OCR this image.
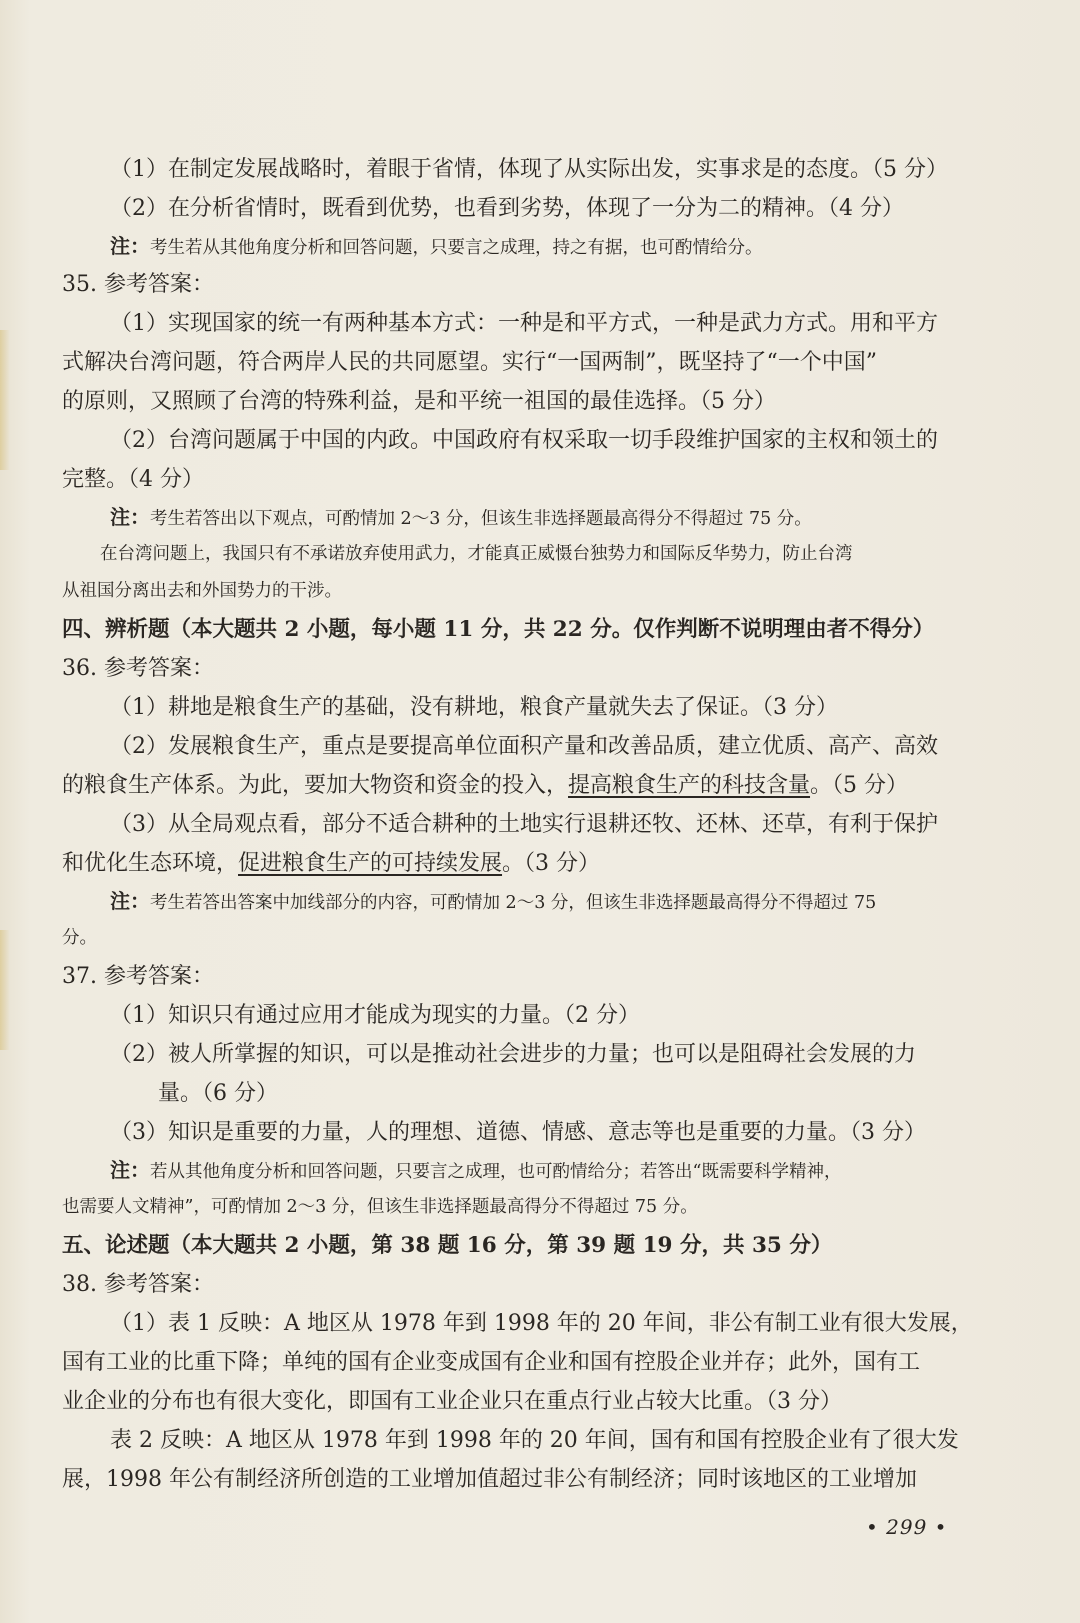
（1）在制定发展战略时，着眼于省情，体现了从实际出发，实事求是的态度。（5 分）
（2）在分析省情时，既看到优势，也看到劣势，体现了一分为二的精神。（4 分）
注：考生若从其他角度分析和回答问题，只要言之成理，持之有据，也可酌情给分。
35. 参考答案：
（1）实现国家的统一有两种基本方式：一种是和平方式，一种是武力方式。用和平方
式解决台湾问题，符合两岸人民的共同愿望。实行“一国两制”，既坚持了“一个中国”
的原则，又照顾了台湾的特殊利益，是和平统一祖国的最佳选择。（5 分）
（2）台湾问题属于中国的内政。中国政府有权采取一切手段维护国家的主权和领土的
完整。（4 分）
注：考生若答出以下观点，可酌情加 2～3 分，但该生非选择题最高得分不得超过 75 分。
在台湾问题上，我国只有不承诺放弃使用武力，才能真正威慑台独势力和国际反华势力，防止台湾
从祖国分离出去和外国势力的干涉。
四、辨析题（本大题共 2 小题，每小题 11 分，共 22 分。仅作判断不说明理由者不得分）
36. 参考答案：
（1）耕地是粮食生产的基础，没有耕地，粮食产量就失去了保证。（3 分）
（2）发展粮食生产，重点是要提高单位面积产量和改善品质，建立优质、高产、高效
的粮食生产体系。为此，要加大物资和资金的投入，提高粮食生产的科技含量。（5 分）
（3）从全局观点看，部分不适合耕种的土地实行退耕还牧、还林、还草，有利于保护
和优化生态环境，促进粮食生产的可持续发展。（3 分）
注：考生若答出答案中加线部分的内容，可酌情加 2～3 分，但该生非选择题最高得分不得超过 75
分。
37. 参考答案：
（1）知识只有通过应用才能成为现实的力量。（2 分）
（2）被人所掌握的知识，可以是推动社会进步的力量；也可以是阻碍社会发展的力
量。（6 分）
（3）知识是重要的力量，人的理想、道德、情感、意志等也是重要的力量。（3 分）
注：若从其他角度分析和回答问题，只要言之成理，也可酌情给分；若答出“既需要科学精神，
也需要人文精神”，可酌情加 2～3 分，但该生非选择题最高得分不得超过 75 分。
五、论述题（本大题共 2 小题，第 38 题 16 分，第 39 题 19 分，共 35 分）
38. 参考答案：
（1）表 1 反映：A 地区从 1978 年到 1998 年的 20 年间，非公有制工业有很大发展，
国有工业的比重下降；单纯的国有企业变成国有企业和国有控股企业并存；此外，国有工
业企业的分布也有很大变化，即国有工业企业只在重点行业占较大比重。（3 分）
表 2 反映：A 地区从 1978 年到 1998 年的 20 年间，国有和国有控股企业有了很大发
展，1998 年公有制经济所创造的工业增加值超过非公有制经济；同时该地区的工业增加
• 299 •
